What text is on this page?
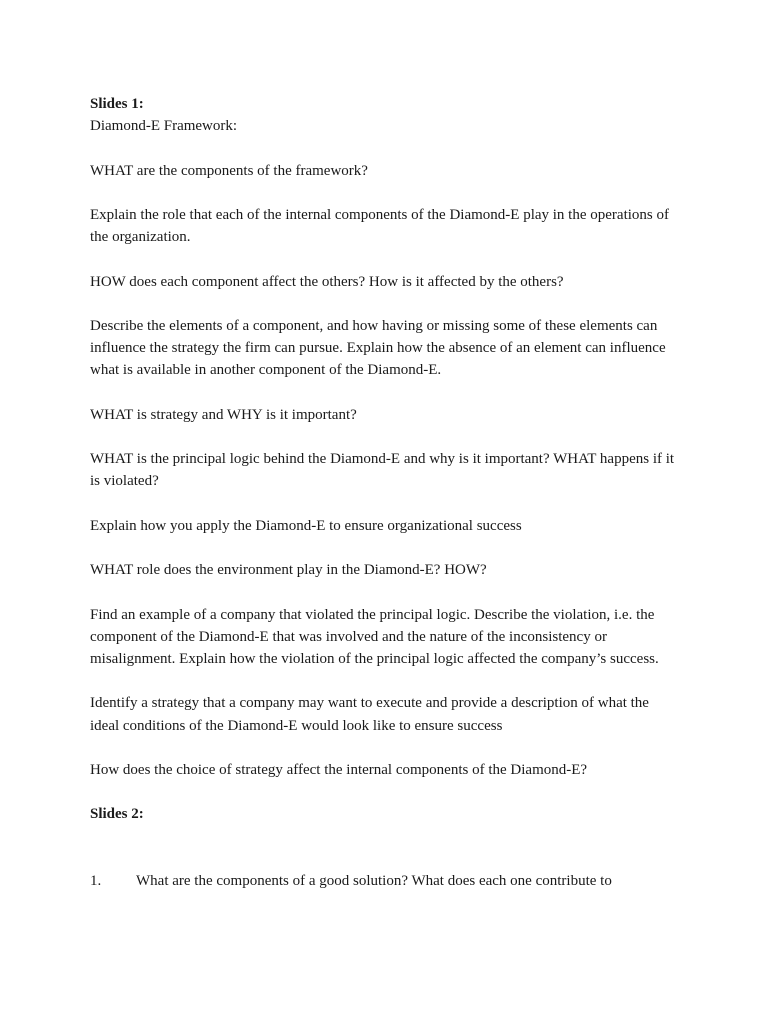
Slides 1:

Diamond-E Framework:

WHAT are the components of the framework?

Explain the role that each of the internal components of the Diamond-E play in the operations of the organization.

HOW does each component affect the others? How is it affected by the others?

Describe the elements of a component, and how having or missing some of these elements can influence the strategy the firm can pursue. Explain how the absence of an element can influence what is available in another component of the Diamond-E.

WHAT is strategy and WHY is it important?

WHAT is the principal logic behind the Diamond-E and why is it important? WHAT happens if it is violated?

Explain how you apply the Diamond-E to ensure organizational success

WHAT role does the environment play in the Diamond-E? HOW?

Find an example of a company that violated the principal logic. Describe the violation, i.e. the component of the Diamond-E that was involved and the nature of the inconsistency or misalignment. Explain how the violation of the principal logic affected the company’s success.

Identify a strategy that a company may want to execute and provide a description of what the ideal conditions of the Diamond-E would look like to ensure success

How does the choice of strategy affect the internal components of the Diamond-E?

Slides 2:

1.	What are the components of a good solution? What does each one contribute to
